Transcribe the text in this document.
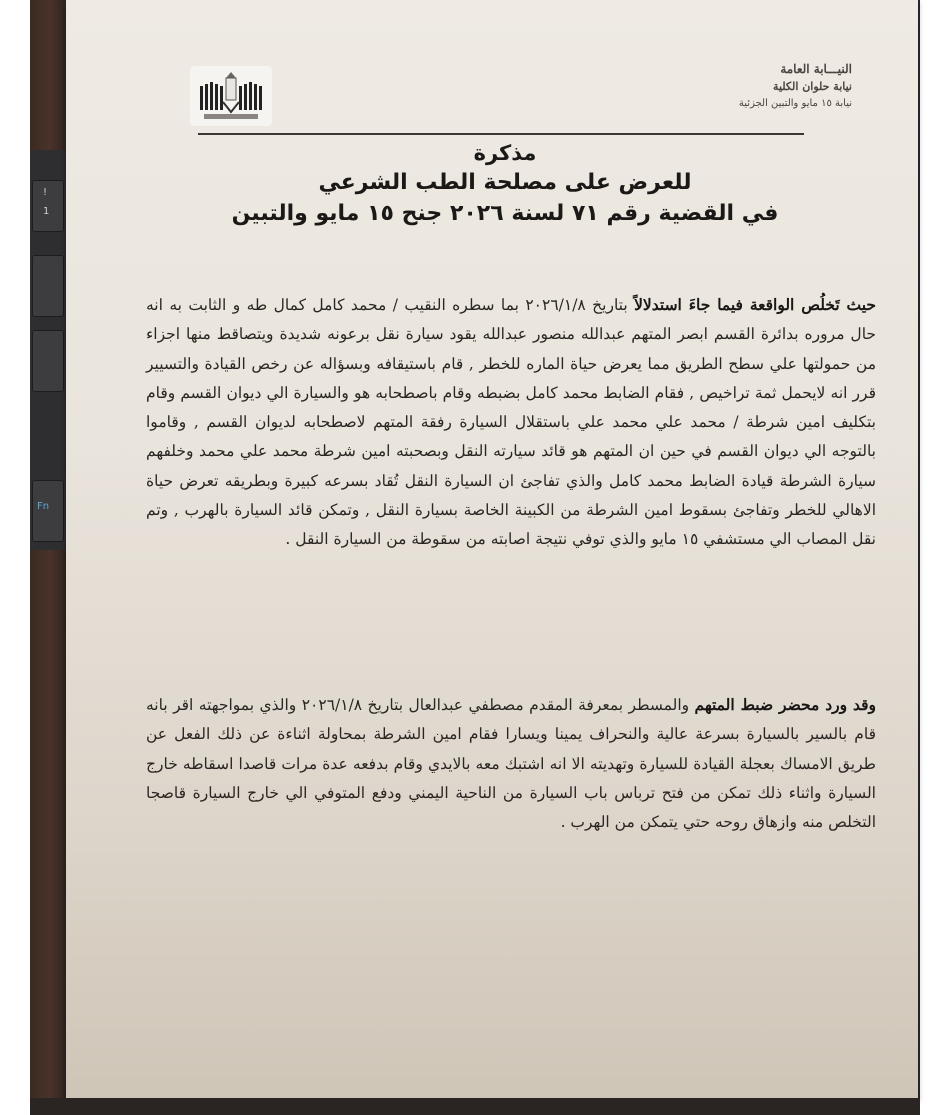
!
1
Fn
النيـــابة العامة
نيابة حلوان الكلية
نيابة ١٥ مايو والتبين الجزئية
مذكرة
للعرض على مصلحة الطب الشرعي
في القضية رقم ٧١ لسنة ٢٠٢٦ جنح ١٥ مايو والتبين
حيث تَخلُص الواقعة فيما جاءَ استدلالاً بتاريخ ٢٠٢٦/١/٨ بما سطره النقيب / محمد كامل كمال طه و الثابت به انه حال مروره بدائرة القسم ابصر المتهم عبدالله منصور عبدالله يقود سيارة نقل برعونه شديدة ويتصاقط منها اجزاء من حمولتها علي سطح الطريق مما يعرض حياة الماره للخطر , قام باستيقافه وبسؤاله عن رخص القيادة والتسيير قرر انه لايحمل ثمة تراخيص , فقام الضابط محمد كامل بضبطه وقام باصطحابه هو والسيارة الي ديوان القسم وقام بتكليف امين شرطة / محمد علي محمد علي باستقلال السيارة رفقة المتهم لاصطحابه لديوان القسم , وقاموا بالتوجه الي ديوان القسم في حين ان المتهم هو قائد سيارته النقل وبصحبته امين شرطة محمد علي محمد وخلفهم سيارة الشرطة قيادة الضابط محمد كامل والذي تفاجئ ان السيارة النقل تُقاد بسرعه كبيرة وبطريقه تعرض حياة الاهالي للخطر وتفاجئ بسقوط امين الشرطة من الكبينة الخاصة بسيارة النقل , وتمكن قائد السيارة بالهرب , وتم نقل المصاب الي مستشفي ١٥ مايو والذي توفي نتيجة اصابته من سقوطة من السيارة النقل .
وقد ورد محضر ضبط المتهم والمسطر بمعرفة المقدم مصطفي عبدالعال بتاريخ ٢٠٢٦/١/٨ والذي بمواجهته اقر بانه قام بالسير بالسيارة بسرعة عالية والنحراف يمينا ويسارا فقام امين الشرطة بمحاولة اثناءة عن ذلك الفعل عن طريق الامساك بعجلة القيادة للسيارة وتهديته الا انه اشتبك معه بالايدي وقام بدفعه عدة مرات قاصدا اسقاطه خارج السيارة واثناء ذلك تمكن من فتح ترباس باب السيارة من الناحية اليمني ودفع المتوفي الي خارج السيارة قاصجا التخلص منه وازهاق روحه حتي يتمكن من الهرب .
